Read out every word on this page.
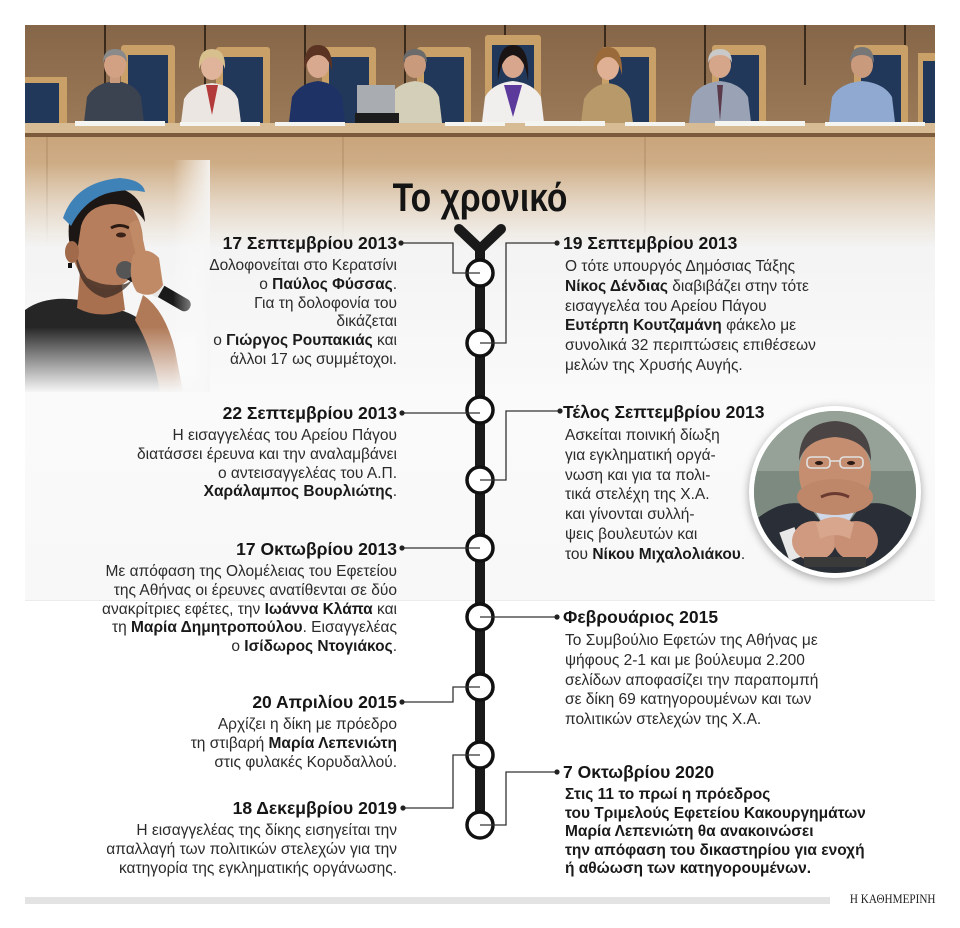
Το χρονικό
17 Σεπτεμβρίου 2013
Δολοφονείται στο Κερατσίνι
ο Παύλος Φύσσας.
Για τη δολοφονία του
δικάζεται
ο Γιώργος Ρουπακιάς και
άλλοι 17 ως συμμέτοχοι.
19 Σεπτεμβρίου 2013
Ο τότε υπουργός Δημόσιας Τάξης
Νίκος Δένδιας διαβιβάζει στην τότε
εισαγγελέα του Αρείου Πάγου
Ευτέρπη Κουτζαμάνη φάκελο με
συνολικά 32 περιπτώσεις επιθέσεων
μελών της Χρυσής Αυγής.
22 Σεπτεμβρίου 2013
Η εισαγγελέας του Αρείου Πάγου
διατάσσει έρευνα και την αναλαμβάνει
ο αντεισαγγελέας του Α.Π.
Χαράλαμπος Βουρλιώτης.
Τέλος Σεπτεμβρίου 2013
Ασκείται ποινική δίωξη
για εγκληματική οργά-
νωση και για τα πολι-
τικά στελέχη της Χ.Α.
και γίνονται συλλή-
ψεις βουλευτών και
του Νίκου Μιχαλολιάκου.
17 Οκτωβρίου 2013
Με απόφαση της Ολομέλειας του Εφετείου
της Αθήνας οι έρευνες ανατίθενται σε δύο
ανακρίτριες εφέτες, την Ιωάννα Κλάπα και
τη Μαρία Δημητροπούλου. Εισαγγελέας
ο Ισίδωρος Ντογιάκος.
Φεβρουάριος 2015
Το Συμβούλιο Εφετών της Αθήνας με
ψήφους 2-1 και με βούλευμα 2.200
σελίδων αποφασίζει την παραπομπή
σε δίκη 69 κατηγορουμένων και των
πολιτικών στελεχών της Χ.Α.
20 Απριλίου 2015
Αρχίζει η δίκη με πρόεδρο
τη στιβαρή Μαρία Λεπενιώτη
στις φυλακές Κορυδαλλού.
18 Δεκεμβρίου 2019
Η εισαγγελέας της δίκης εισηγείται την
απαλλαγή των πολιτικών στελεχών για την
κατηγορία της εγκληματικής οργάνωσης.
7 Οκτωβρίου 2020
Στις 11 το πρωί η πρόεδρος
του Τριμελούς Εφετείου Κακουργημάτων
Μαρία Λεπενιώτη θα ανακοινώσει
την απόφαση του δικαστηρίου για ενοχή
ή αθώωση των κατηγορουμένων.
Η ΚΑΘΗΜΕΡΙΝΗ
